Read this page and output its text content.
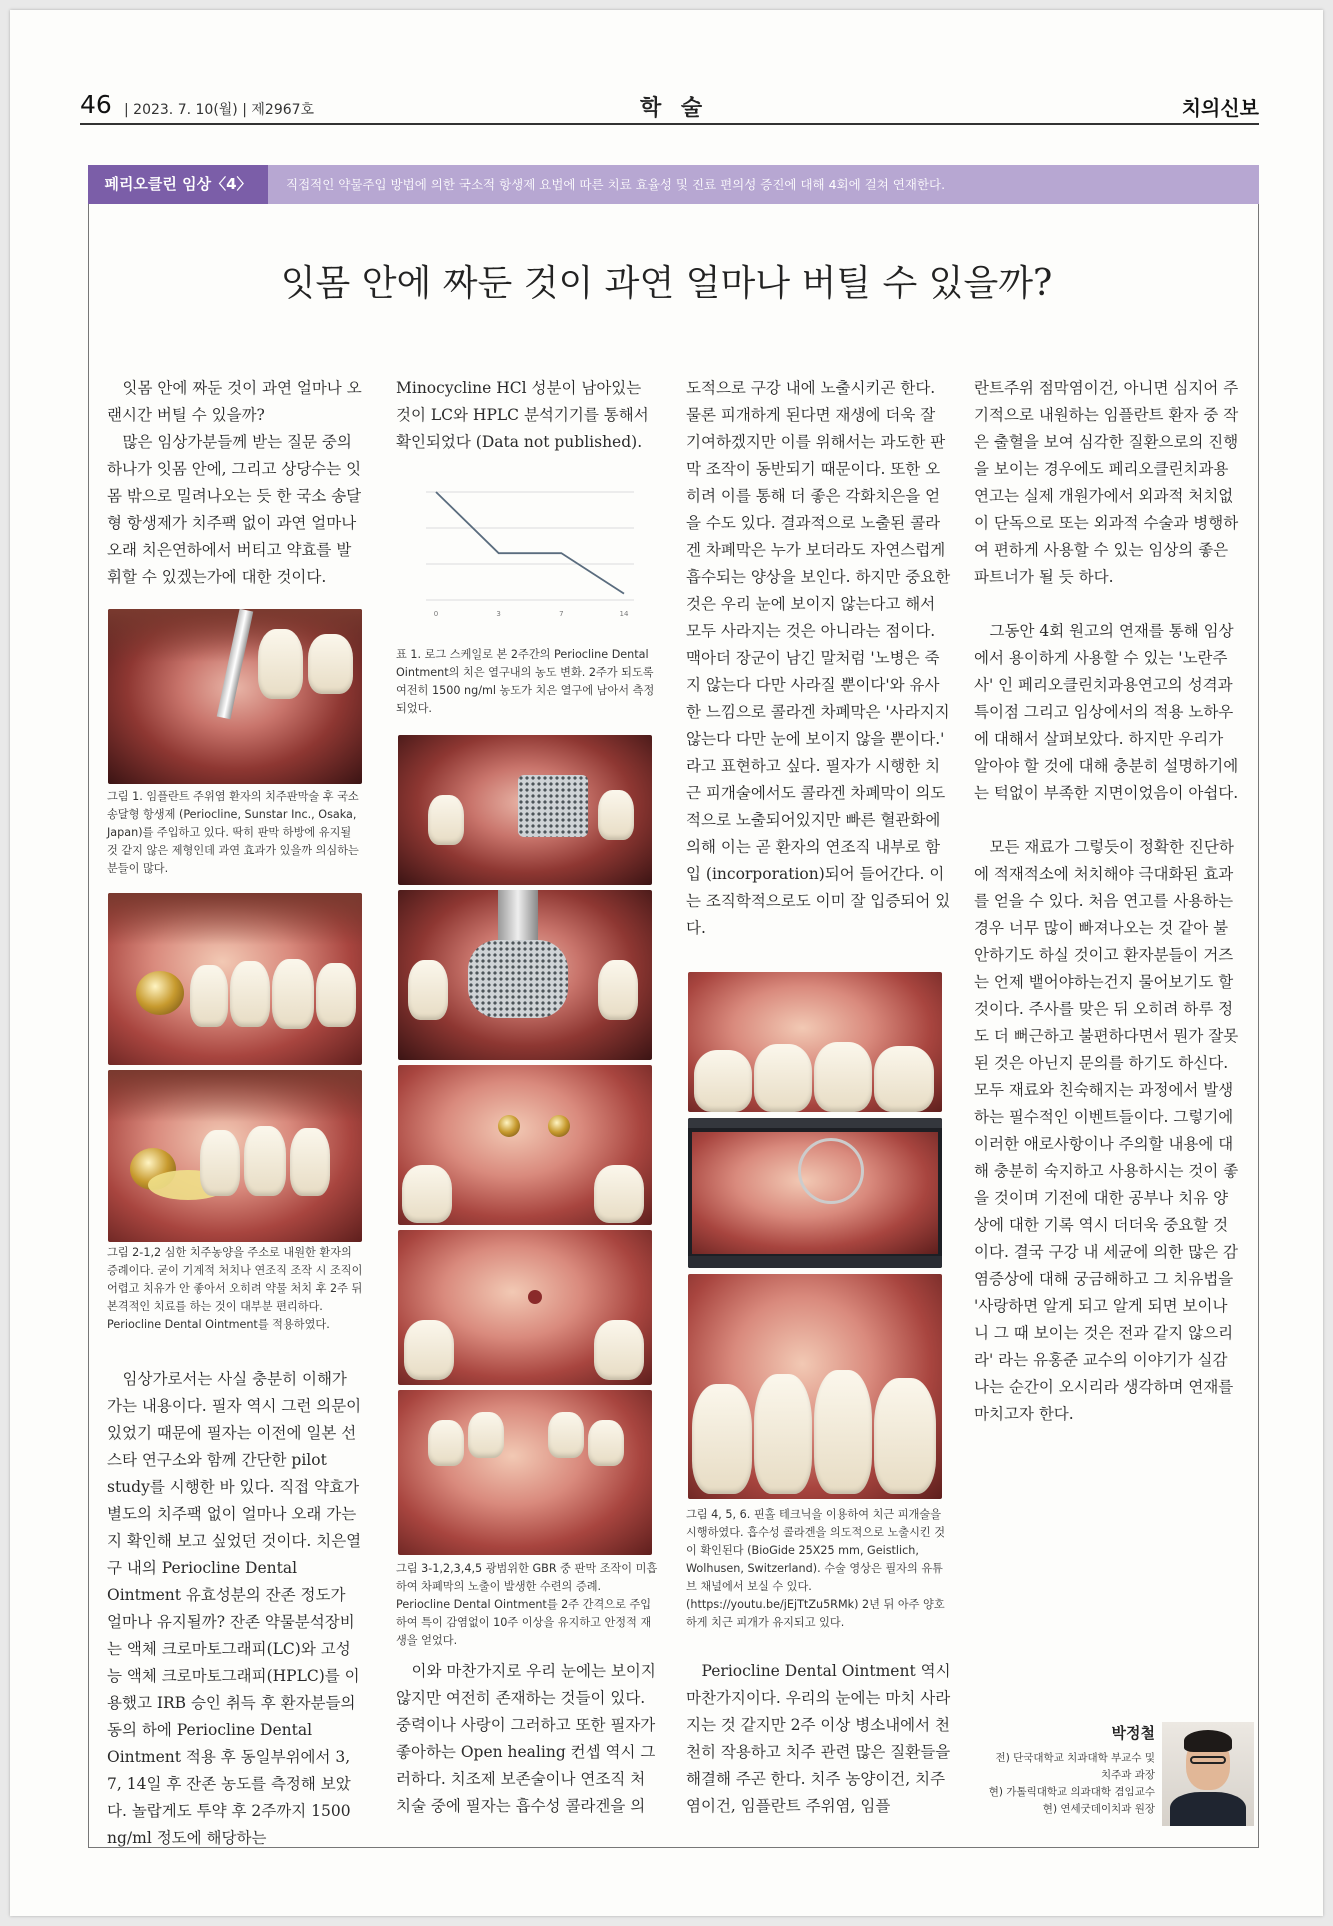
46 | 2023. 7. 10(월) | 제2967호	학 술	치의신보
페리오클린 임상〈4〉	직접적인 약물주입 방법에 의한 국소적 항생제 요법에 따른 치료 효율성 및 진료 편의성 증진에 대해 4회에 걸쳐 연재한다.
잇몸 안에 짜둔 것이 과연 얼마나 버틸 수 있을까?

잇몸 안에 짜둔 것이 과연 얼마나 오랜시간 버틸 수 있을까?

많은 임상가분들께 받는 질문 중의 하나가 잇몸 안에, 그리고 상당수는 잇몸 밖으로 밀려나오는 듯 한 국소 송달형 항생제가 치주팩 없이 과연 얼마나 오래 치은연하에서 버티고 약효를 발휘할 수 있겠는가에 대한 것이다.

그림 1. 임플란트 주위염 환자의 치주판막술 후 국소 송달형 항생제 (Periocline, Sunstar Inc., Osaka, Japan)를 주입하고 있다. 딱히 판막 하방에 유지될 것 같지 않은 제형인데 과연 효과가 있을까 의심하는 분들이 많다.

그림 2-1,2 심한 치주농양을 주소로 내원한 환자의 증례이다. 굳이 기계적 처치나 연조직 조작 시 조직이 어렵고 치유가 안 좋아서 오히려 약물 처치 후 2주 뒤 본격적인 치료를 하는 것이 대부분 편리하다. Periocline Dental Ointment를 적용하였다.

임상가로서는 사실 충분히 이해가 가는 내용이다. 필자 역시 그런 의문이 있었기 때문에 필자는 이전에 일본 선스타 연구소와 함께 간단한 pilot study를 시행한 바 있다. 직접 약효가 별도의 치주팩 없이 얼마나 오래 가는지 확인해 보고 싶었던 것이다. 치은열구 내의 Periocline Dental Ointment 유효성분의 잔존 정도가 얼마나 유지될까? 잔존 약물분석장비는 액체 크로마토그래피(LC)와 고성능 액체 크로마토그래피(HPLC)를 이용했고 IRB 승인 취득 후 환자분들의 동의 하에 Periocline Dental Ointment 적용 후 동일부위에서 3, 7, 14일 후 잔존 농도를 측정해 보았다. 놀랍게도 투약 후 2주까지 1500 ng/ml 정도에 해당하는

Minocycline HCl 성분이 남아있는 것이 LC와 HPLC 분석기기를 통해서 확인되었다 (Data not published).

0	3	7	14

표 1. 로그 스케일로 본 2주간의 Periocline Dental Ointment의 치은 열구내의 농도 변화. 2주가 되도록 여전히 1500 ng/ml 농도가 치은 열구에 남아서 측정되었다.

그림 3-1,2,3,4,5 광범위한 GBR 중 판막 조작이 미흡하여 차폐막의 노출이 발생한 수련의 증례. Periocline Dental Ointment를 2주 간격으로 주입하여 특이 감염없이 10주 이상을 유지하고 안정적 재생을 얻었다.

이와 마찬가지로 우리 눈에는 보이지 않지만 여전히 존재하는 것들이 있다. 중력이나 사랑이 그러하고 또한 필자가 좋아하는 Open healing 컨셉 역시 그러하다. 치조제 보존술이나 연조직 처치술 중에 필자는 흡수성 콜라겐을 의

도적으로 구강 내에 노출시키곤 한다. 물론 피개하게 된다면 재생에 더욱 잘 기여하겠지만 이를 위해서는 과도한 판막 조작이 동반되기 때문이다. 또한 오히려 이를 통해 더 좋은 각화치은을 얻을 수도 있다. 결과적으로 노출된 콜라겐 차폐막은 누가 보더라도 자연스럽게 흡수되는 양상을 보인다. 하지만 중요한 것은 우리 눈에 보이지 않는다고 해서 모두 사라지는 것은 아니라는 점이다. 맥아더 장군이 남긴 말처럼 '노병은 죽지 않는다 다만 사라질 뿐이다'와 유사한 느낌으로 콜라겐 차폐막은 '사라지지 않는다 다만 눈에 보이지 않을 뿐이다.' 라고 표현하고 싶다. 필자가 시행한 치근 피개술에서도 콜라겐 차폐막이 의도적으로 노출되어있지만 빠른 혈관화에 의해 이는 곧 환자의 연조직 내부로 함입 (incorporation)되어 들어간다. 이는 조직학적으로도 이미 잘 입증되어 있다.

그림 4, 5, 6. 핀홀 테크닉을 이용하여 치근 피개술을 시행하였다. 흡수성 콜라겐을 의도적으로 노출시킨 것이 확인된다 (BioGide 25X25 mm, Geistlich, Wolhusen, Switzerland). 수술 영상은 필자의 유튜브 채널에서 보실 수 있다. (https://youtu.be/jEjTtZu5RMk) 2년 뒤 아주 양호하게 치근 피개가 유지되고 있다.

Periocline Dental Ointment 역시 마찬가지이다. 우리의 눈에는 마치 사라지는 것 같지만 2주 이상 병소내에서 천천히 작용하고 치주 관련 많은 질환들을 해결해 주곤 한다. 치주 농양이건, 치주염이건, 임플란트 주위염, 임플

란트주위 점막염이건, 아니면 심지어 주기적으로 내원하는 임플란트 환자 중 작은 출혈을 보여 심각한 질환으로의 진행을 보이는 경우에도 페리오클린치과용연고는 실제 개원가에서 외과적 처치없이 단독으로 또는 외과적 수술과 병행하여 편하게 사용할 수 있는 임상의 좋은 파트너가 될 듯 하다.

그동안 4회 원고의 연재를 통해 임상에서 용이하게 사용할 수 있는 '노란주사' 인 페리오클린치과용연고의 성격과 특이점 그리고 임상에서의 적용 노하우에 대해서 살펴보았다. 하지만 우리가 알아야 할 것에 대해 충분히 설명하기에는 턱없이 부족한 지면이었음이 아쉽다.

모든 재료가 그렇듯이 정확한 진단하에 적재적소에 처치해야 극대화된 효과를 얻을 수 있다. 처음 연고를 사용하는 경우 너무 많이 빠져나오는 것 같아 불안하기도 하실 것이고 환자분들이 거즈는 언제 뱉어야하는건지 물어보기도 할 것이다. 주사를 맞은 뒤 오히려 하루 정도 더 뻐근하고 불편하다면서 뭔가 잘못된 것은 아닌지 문의를 하기도 하신다. 모두 재료와 친숙해지는 과정에서 발생하는 필수적인 이벤트들이다. 그렇기에 이러한 애로사항이나 주의할 내용에 대해 충분히 숙지하고 사용하시는 것이 좋을 것이며 기전에 대한 공부나 치유 양상에 대한 기록 역시 더더욱 중요할 것이다. 결국 구강 내 세균에 의한 많은 감염증상에 대해 궁금해하고 그 치유법을 '사랑하면 알게 되고 알게 되면 보이나니 그 때 보이는 것은 전과 같지 않으리라' 라는 유홍준 교수의 이야기가 실감나는 순간이 오시리라 생각하며 연재를 마치고자 한다.

박정철
전) 단국대학교 치과대학 부교수 및
치주과 과장
현) 가톨릭대학교 의과대학 겸임교수
현) 연세굿데이치과 원장
